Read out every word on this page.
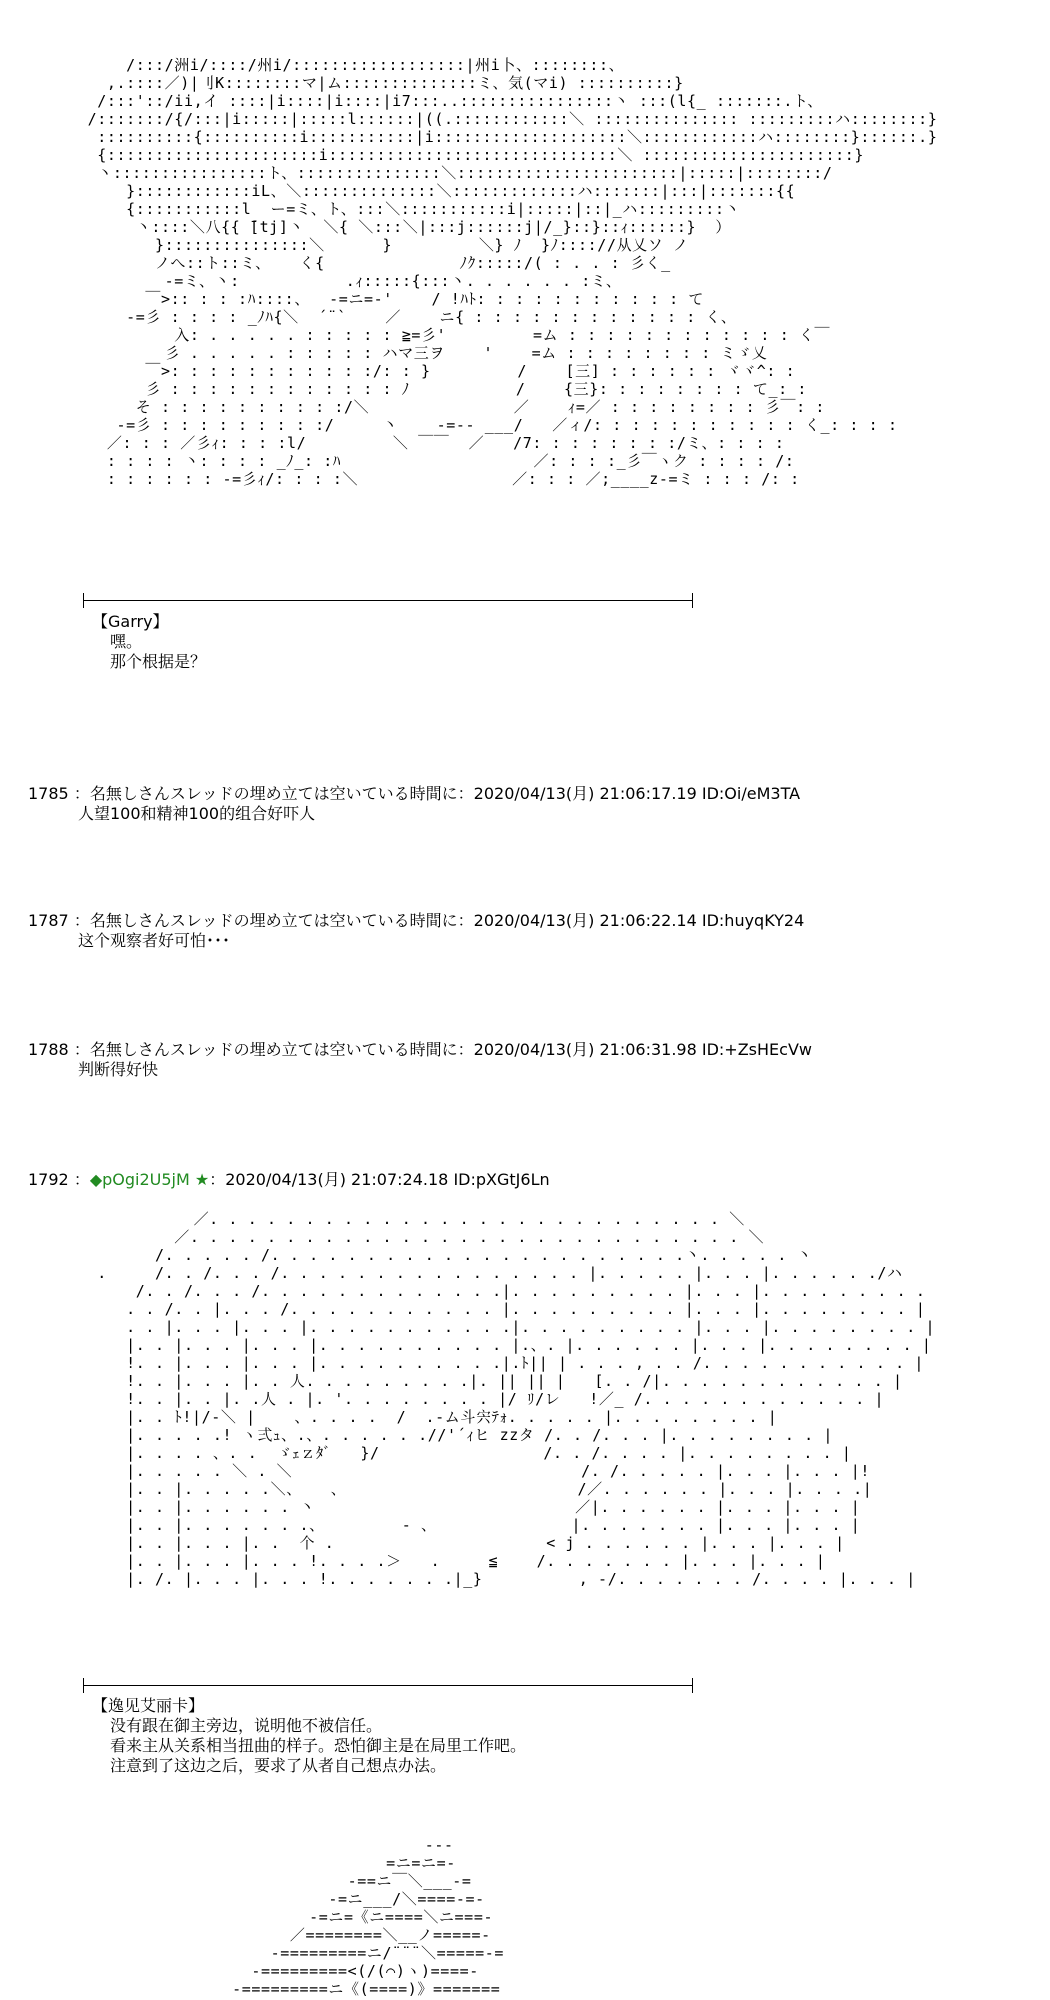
/:::/洲i/::::/州i/::::::::::::::::::|州i卜、::::::::、
,.::::／)|刂K::::::::マ|ム::::::::::::::ミ、気(マi) ::::::::::}
/:::'::/ii,イ ::::|i::::|i::::|i7:::..::::::::::::::::丶 :::(l{_ :::::::.ト、
/:::::::/{/:::|i:::::|:::::l::::::|((.::::::::::::＼ ::::::::::::::: :::::::::ハ::::::::}
::::::::::{::::::::::i:::::::::::|i::::::::::::::::::::＼::::::::::::ハ::::::::}::::::.}
{::::::::::::::::::::::i::::::::::::::::::::::::::::::＼ ::::::::::::::::::::::}
丶::::::::::::::::ト、:::::::::::::::＼:::::::::::::::::::::::|:::::|::::::::/
}::::::::::::iL、＼::::::::::::::＼:::::::::::::ハ:::::::|:::|:::::::{{
{:::::::::::l  ー=ミ、ト、:::＼:::::::::::i|:::::|::|_ハ:::::::::丶
丶::::＼八{{ ̄[tj]丶  ＼{ ＼:::＼|:::j::::::j|/_}::}::ｨ::::::}  ）
}:::::::::::::::＼      }         ＼} ﾉ  }ﾉ:::://从乂ソ ノ
ノへ::ト::ミ、   く{              ﾉｸ:::::/( : . . : 彡く_
-=ミ、丶:           .ｨ:::::{:::丶. . . . . . :ミ、
￣>:: : : :ﾊ::::、  ‐=ニ=‐'    / !ﾊﾄ: : : : : : : : : : : て
‐=彡 : : : : _ﾉﾊ{＼  ´¨`    ／    ニ{ : : : : : : : : : : : : く、
入: . . . . . : : : : : ≧=彡'         =ム : : : : : : : : : : : : く￣
彡 . . . . . : : : : : ハマ三ヲ    '    =ム : : : : : : : : ミゞ乂
￣>: : : : : : : : : : :/: : }         /    [三] : : : : : : ヾヾ^: :
彡 : : : : : : : : : : : : ﾉ           /    {三}: : : : : : : : て_: :
そ : : : : : : : : : :/＼               ／    ｨ=／ : : : : : : : : 彡￣: :
‐=彡 : : : : : : : : :/     丶    ‐=-‐ ___/   ／ィ/: : : : : : : : : : : く_: : : :
／: : : ／彡ｨ: : : :l/         ＼ ￣￣  ／   /7: : : : : : : :/ミ、: : : :
: : : : 丶: : : : _ﾉ_: :ﾊ                    ／: : : :_彡￣ヽク : : : : /:
: : : : : : ‐=彡ｨ/: : : :＼                ／: : : ／;____z‐=ミ : : : /: :
【Garry】
嘿。
那个根据是？
1785 ：名無しさんスレッドの埋め立ては空いている時間に：2020/04/13(月) 21:06:17.19 ID:Oi/eM3TA
人望100和精神100的组合好吓人
1787 ：名無しさんスレッドの埋め立ては空いている時間に：2020/04/13(月) 21:06:22.14 ID:huyqKY24
这个观察者好可怕･･･
1788 ：名無しさんスレッドの埋め立ては空いている時間に：2020/04/13(月) 21:06:31.98 ID:+ZsHEcVw
判断得好快
1792 ：◆pOgi2U5jM ★：2020/04/13(月) 21:07:24.18 ID:pXGtJ6Ln
／. . . . . . . . . . . . . . . . . . . . . . . . . . . ＼
／. . . . . . . . . . . . . . . . . . . . . . . . . . . . . ＼
/. . . . . /. . . . . . . . . . . . . . . . . . . . . .丶. . . . . 丶
.     /. . /. . . /. . . . . . . . . . . . . . . . |. . . . . |. . . |. . . . . ./ハ
/. . /. . . /. . . . . . . . . . . . .|. . . . . . . . . |. . . |. . . . . . . . .
. . /. . |. . . /. . . . . . . . . . . |. . . . . . . . . |. . . |. . . . . . . . |
. . |. . . |. . . |. . . . . . . . . . .|. . . . . . . . . |. . . |. . . . . . . . |
|. . |. . . |. . . |. . . . . . . . . . |.、. |. . . . . . |. . . |. . . . . . . . |
!. . |. . . |. . . |. . . . . . . . . .|.ﾄ|| | . . . , . . /. . . . . . . . . . . |
!. . |. . . |. . 人. . . . . . . . .|. || || |   [. . /|. . . . . . . . . . . . |
!. . |. . |. .人 . |. '. . . . . . . . |/ ﾘ/レ   !／_ /. . . . . . . . . . . . |
|. . ﾄ!|/‐＼ |    、. . . .  /  .‐ム斗宍ﾃｫ. . . . . |. . . . . . . . |
|. . . . .! ヽ弍ｭ、.、. . . . . .//'´ｨヒ zzタ /. . /. . . |. . . . . . . . |
|. . . . 、. .  ゞｪｚﾀﾞ   }/                 /. . /. . . . |. . . . . . . . |
|. . . . . ＼ . ＼                              /. /. . . . . |. . . |. . . |!
|. . |. . . . .＼、   、                        /／. . . . . . |. . . |. . . .|
|. . |. . . . . . 丶                           ／|. . . . . . |. . . |. . . |
|. . |. . . . . . .、        ‐ 、              |. . . . . . . |. . . |. . . |
|. . |. . . |. .  个 .                      < j . . . . . . |. . . |. . . |
|. . |. . . |. . . !. . . .＞   .     ≦    /. . . . . . . |. . . |. . . |
|. /. |. . . |. . . !. . . . . . .|_}          , ‐/. . . . . . . /. . . . |. . . |
【逸见艾丽卡】
没有跟在御主旁边，说明他不被信任。
看来主从关系相当扭曲的样子。恐怕御主是在局里工作吧。
注意到了这边之后，要求了从者自己想点办法。
---
=ニ=ニ=-
-==ニ￣＼___-=
-=ニ___/＼====-=-
‐=ニ=《ニ====＼ニ===-
／========＼__ノ=====-
-=========ニ/¨¨¨＼=====-=
-=========<(/(⌒)ヽ)====-
-=========ニ《(====)》=======
